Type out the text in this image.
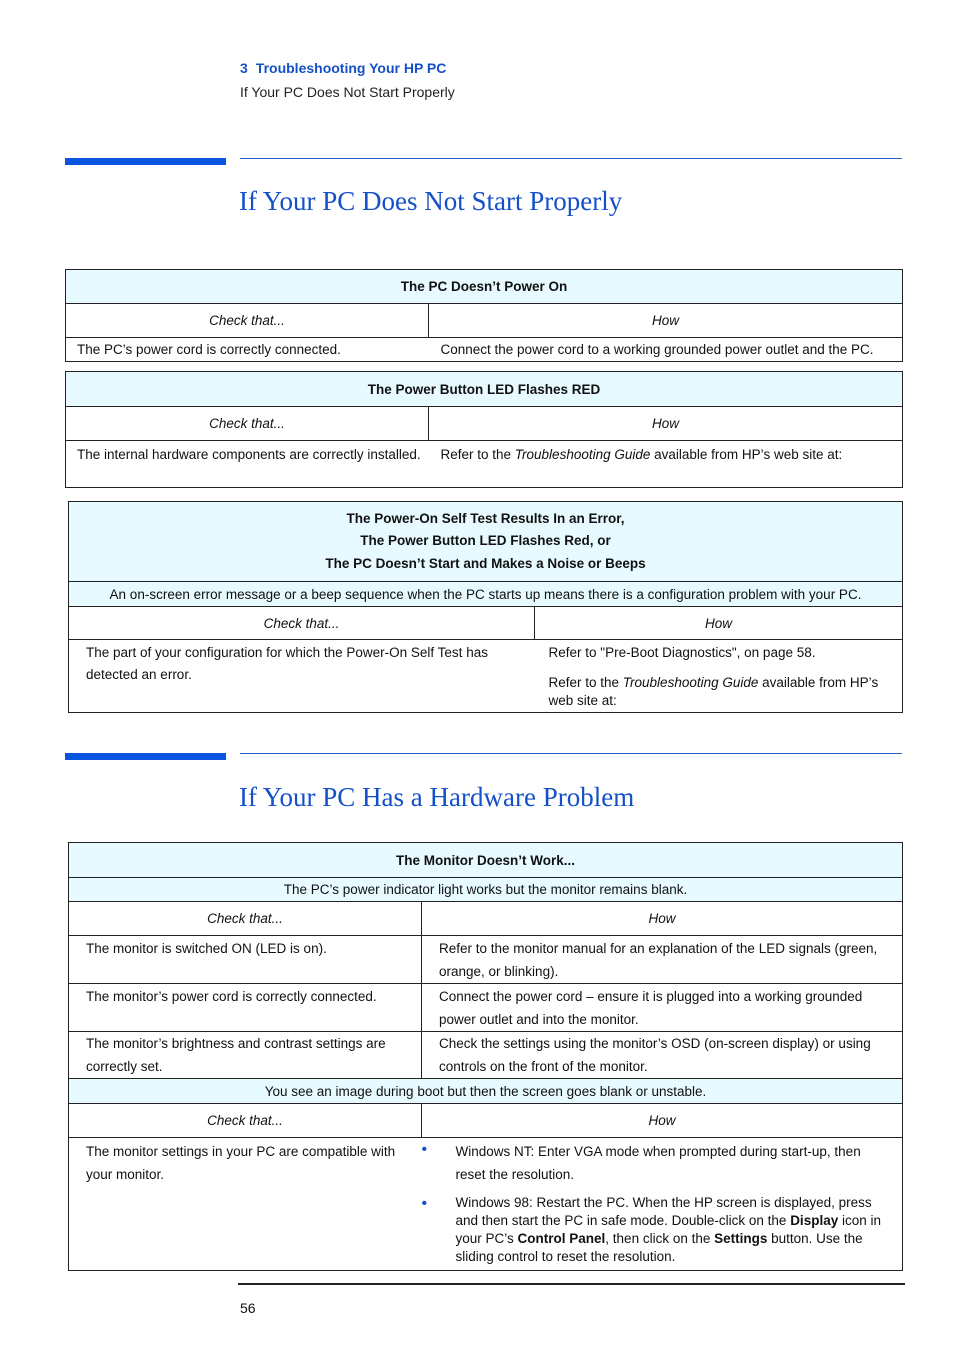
3 Troubleshooting Your HP PC
If Your PC Does Not Start Properly
If Your PC Does Not Start Properly
The PC Doesn’t Power On	
Check that...	How
The PC’s power cord is correctly connected.	Connect the power cord to a working grounded power outlet and the PC.
The Power Button LED Flashes RED	
Check that...	How
The internal hardware components are correctly installed.	Refer to the Troubleshooting Guide available from HP’s web site at:
The Power-On Self Test Results In an Error,
The Power Button LED Flashes Red, or
The PC Doesn’t Start and Makes a Noise or Beeps	

An on-screen error message or a beep sequence when the PC starts up means there is a configuration problem with your PC.	
Check that...	How
The part of your configuration for which the Power-On Self Test has detected an error.	Refer to "Pre-Boot Diagnostics", on page 58.
Refer to the Troubleshooting Guide available from HP’s web site at:
If Your PC Has a Hardware Problem
The Monitor Doesn’t Work...	
The PC’s power indicator light works but the monitor remains blank.	
Check that...	How
The monitor is switched ON (LED is on).	Refer to the monitor manual for an explanation of the LED signals (green, orange, or blinking).
The monitor’s power cord is correctly connected.	Connect the power cord – ensure it is plugged into a working grounded power outlet and into the monitor.
The monitor’s brightness and contrast settings are correctly set.	Check the settings using the monitor’s OSD (on-screen display) or using controls on the front of the monitor.
You see an image during boot but then the screen goes blank or unstable.	
Check that...	How
The monitor settings in your PC are compatible with your monitor.	• Windows NT: Enter VGA mode when prompted during start-up, then reset the resolution.
• Windows 98: Restart the PC. When the HP screen is displayed, press and then start the PC in safe mode. Double-click on the Display icon in your PC’s Control Panel, then click on the Settings button. Use the sliding control to reset the resolution.
56
